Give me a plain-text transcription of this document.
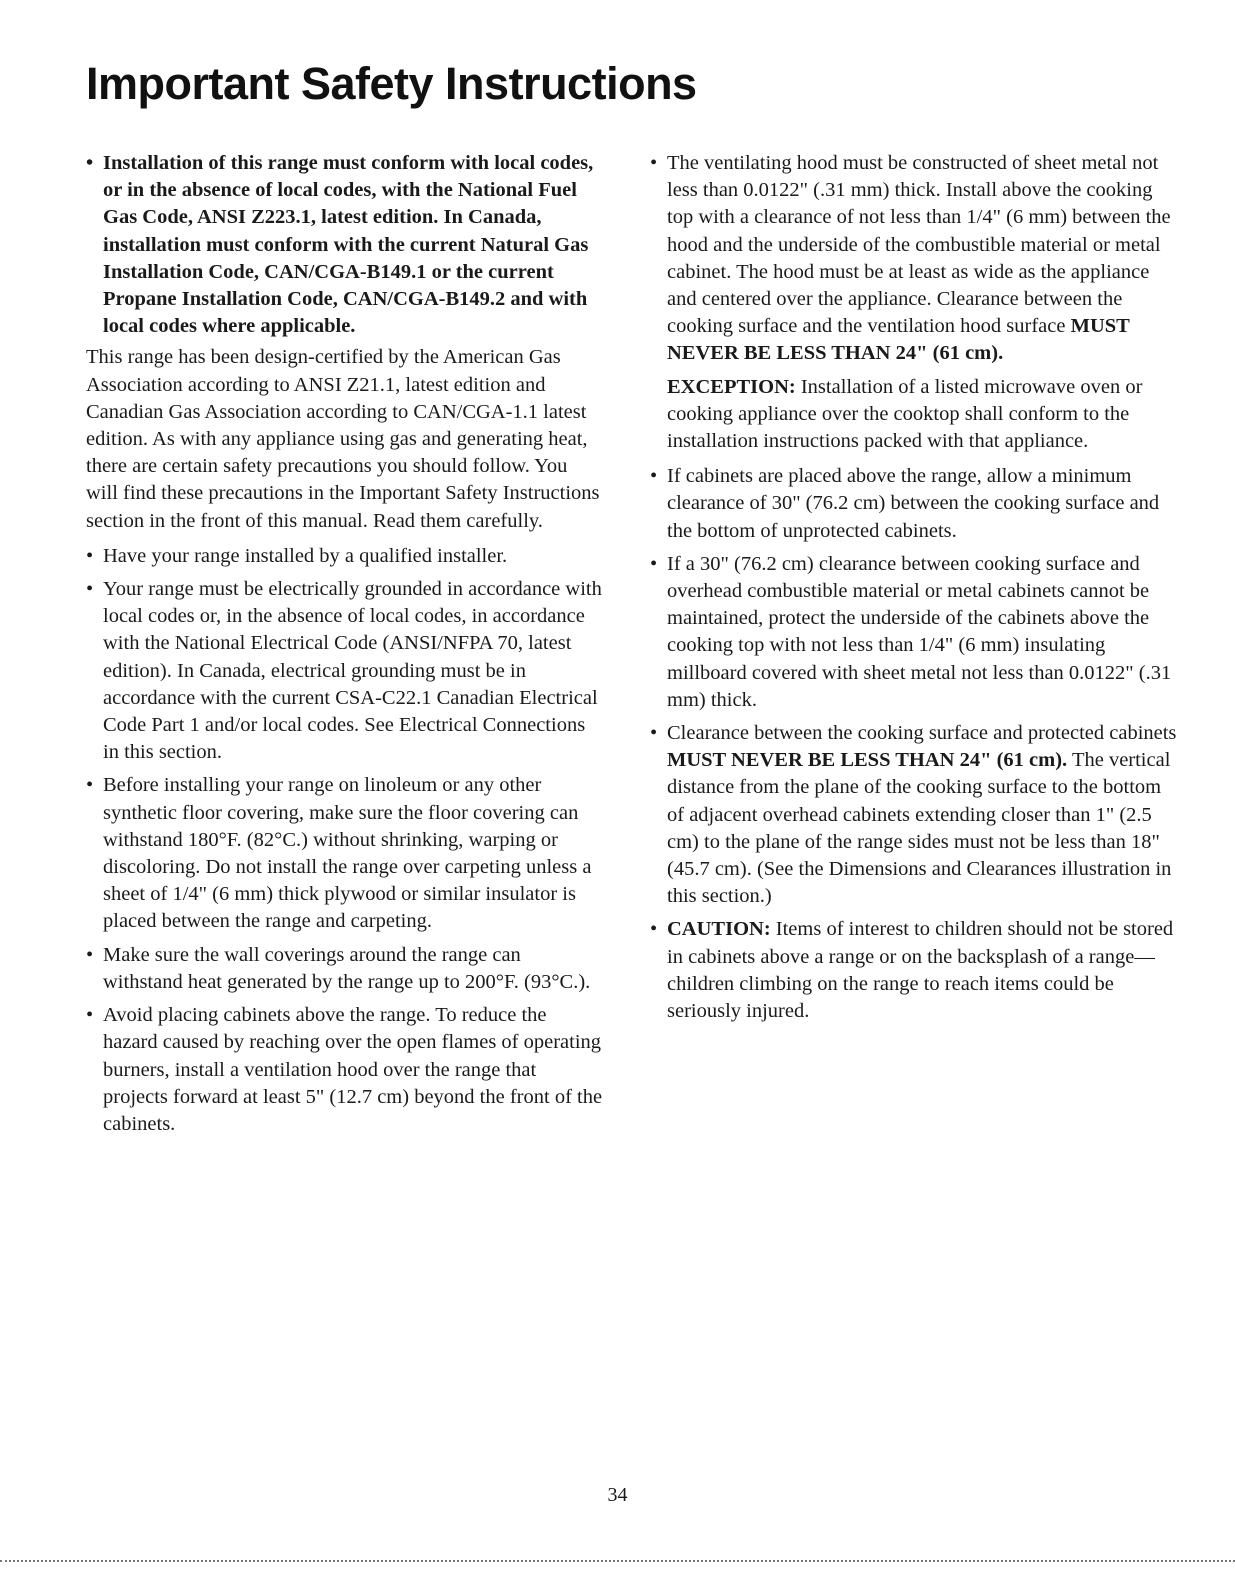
Important Safety Instructions

• Installation of this range must conform with local codes, or in the absence of local codes, with the National Fuel Gas Code, ANSI Z223.1, latest edition. In Canada, installation must conform with the current Natural Gas Installation Code, CAN/CGA-B149.1 or the current Propane Installation Code, CAN/CGA-B149.2 and with local codes where applicable.

This range has been design-certified by the American Gas Association according to ANSI Z21.1, latest edition and Canadian Gas Association according to CAN/CGA-1.1 latest edition. As with any appliance using gas and generating heat, there are certain safety precautions you should follow. You will find these precautions in the Important Safety Instructions section in the front of this manual. Read them carefully.

• Have your range installed by a qualified installer.

• Your range must be electrically grounded in accordance with local codes or, in the absence of local codes, in accordance with the National Electrical Code (ANSI/NFPA 70, latest edition). In Canada, electrical grounding must be in accordance with the current CSA-C22.1 Canadian Electrical Code Part 1 and/or local codes. See Electrical Connections in this section.

• Before installing your range on linoleum or any other synthetic floor covering, make sure the floor covering can withstand 180°F. (82°C.) without shrinking, warping or discoloring. Do not install the range over carpeting unless a sheet of 1/4" (6 mm) thick plywood or similar insulator is placed between the range and carpeting.

• Make sure the wall coverings around the range can withstand heat generated by the range up to 200°F. (93°C.).

• Avoid placing cabinets above the range. To reduce the hazard caused by reaching over the open flames of operating burners, install a ventilation hood over the range that projects forward at least 5" (12.7 cm) beyond the front of the cabinets.

• The ventilating hood must be constructed of sheet metal not less than 0.0122" (.31 mm) thick. Install above the cooking top with a clearance of not less than 1/4" (6 mm) between the hood and the underside of the combustible material or metal cabinet. The hood must be at least as wide as the appliance and centered over the appliance. Clearance between the cooking surface and the ventilation hood surface MUST NEVER BE LESS THAN 24" (61 cm).

EXCEPTION: Installation of a listed microwave oven or cooking appliance over the cooktop shall conform to the installation instructions packed with that appliance.

• If cabinets are placed above the range, allow a minimum clearance of 30" (76.2 cm) between the cooking surface and the bottom of unprotected cabinets.

• If a 30" (76.2 cm) clearance between cooking surface and overhead combustible material or metal cabinets cannot be maintained, protect the underside of the cabinets above the cooking top with not less than 1/4" (6 mm) insulating millboard covered with sheet metal not less than 0.0122" (.31 mm) thick.

• Clearance between the cooking surface and protected cabinets MUST NEVER BE LESS THAN 24" (61 cm). The vertical distance from the plane of the cooking surface to the bottom of adjacent overhead cabinets extending closer than 1" (2.5 cm) to the plane of the range sides must not be less than 18" (45.7 cm). (See the Dimensions and Clearances illustration in this section.)

• CAUTION: Items of interest to children should not be stored in cabinets above a range or on the backsplash of a range—children climbing on the range to reach items could be seriously injured.

34
